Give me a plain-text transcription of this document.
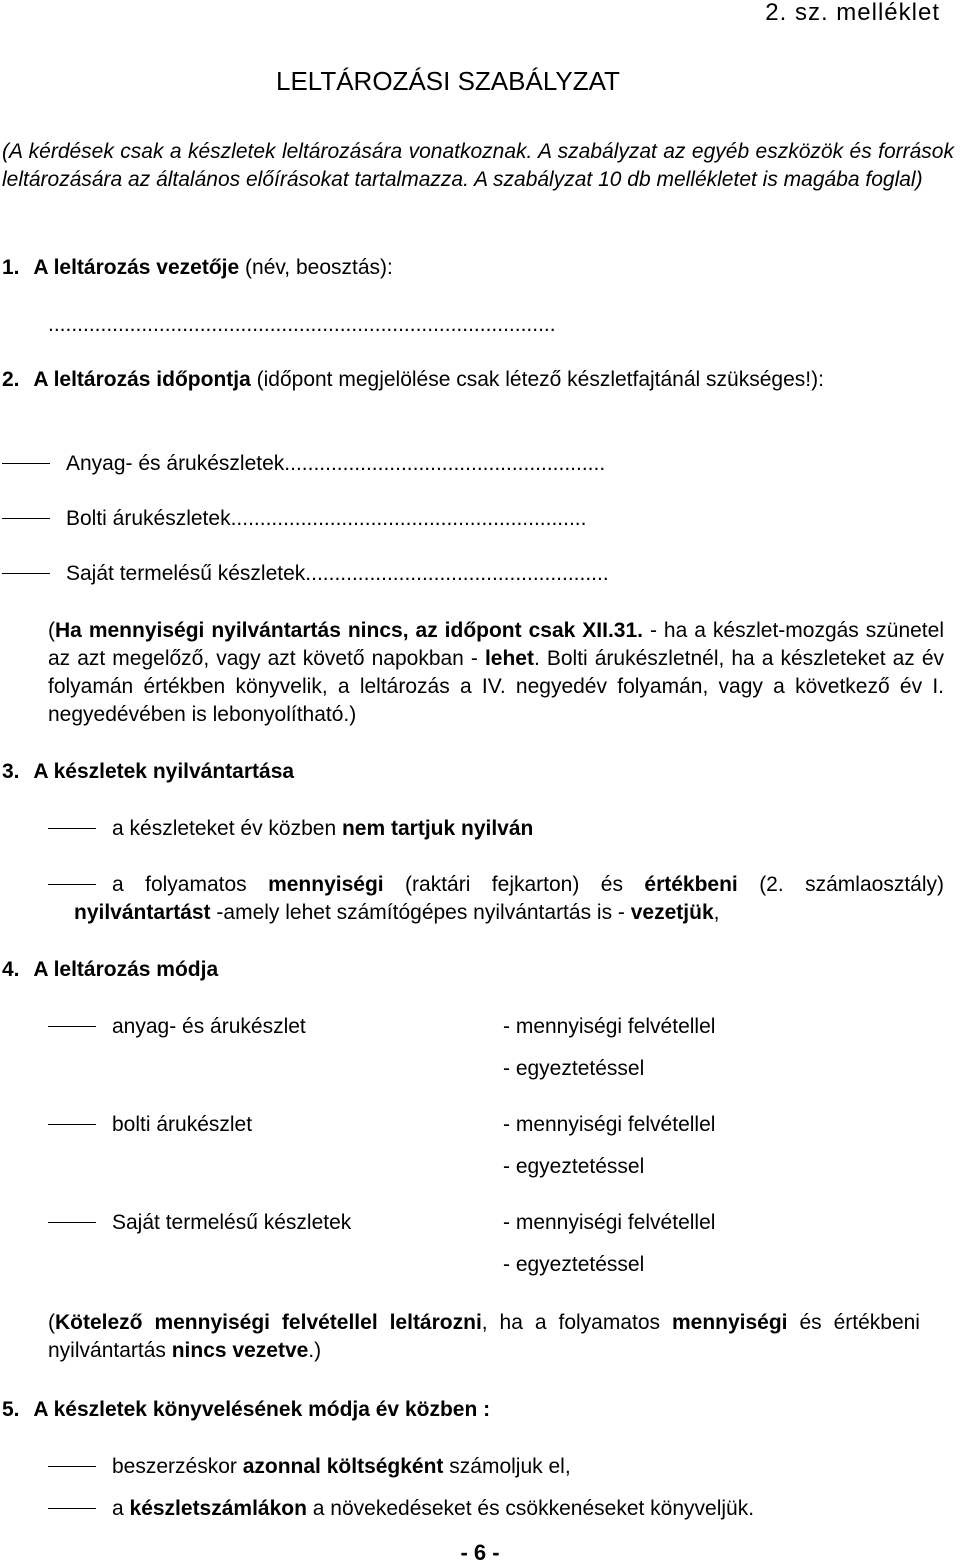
2. sz. melléklet
LELTÁROZÁSI SZABÁLYZAT
(A kérdések csak a készletek leltározására vonatkoznak. A szabályzat az egyéb eszközök és források leltározására az általános előírásokat tartalmazza. A szabályzat 10 db mellékletet is magába foglal)
1. A leltározás vezetője (név, beosztás):
.......................................................................................
2. A leltározás időpontja (időpont megjelölése csak létező készletfajtánál szükséges!):
Anyag- és árukészletek.......................................................
Bolti árukészletek.............................................................
Saját termelésű készletek....................................................
(Ha mennyiségi nyilvántartás nincs, az időpont csak XII.31. - ha a készlet-mozgás szünetel az azt megelőző, vagy azt követő napokban - lehet. Bolti árukészletnél, ha a készleteket az év folyamán értékben könyvelik, a leltározás a IV. negyedév folyamán, vagy a következő év I. negyedévében is lebonyolítható.)
3. A készletek nyilvántartása
a készleteket év közben nem tartjuk nyilván
a folyamatos mennyiségi (raktári fejkarton) és értékbeni (2. számlaosztály) nyilvántartást -amely lehet számítógépes nyilvántartás is - vezetjük,
4. A leltározás módja
anyag- és árukészlet	- mennyiségi felvétellel
- egyeztetéssel
bolti árukészlet	- mennyiségi felvétellel
- egyeztetéssel
Saját termelésű készletek	- mennyiségi felvétellel
- egyeztetéssel
(Kötelező mennyiségi felvétellel leltározni, ha a folyamatos mennyiségi és értékbeni nyilvántartás nincs vezetve.)
5. A készletek könyvelésének módja év közben :
beszerzéskor azonnal költségként számoljuk el,
a készletszámlákon a növekedéseket és csökkenéseket könyveljük.
- 6 -
